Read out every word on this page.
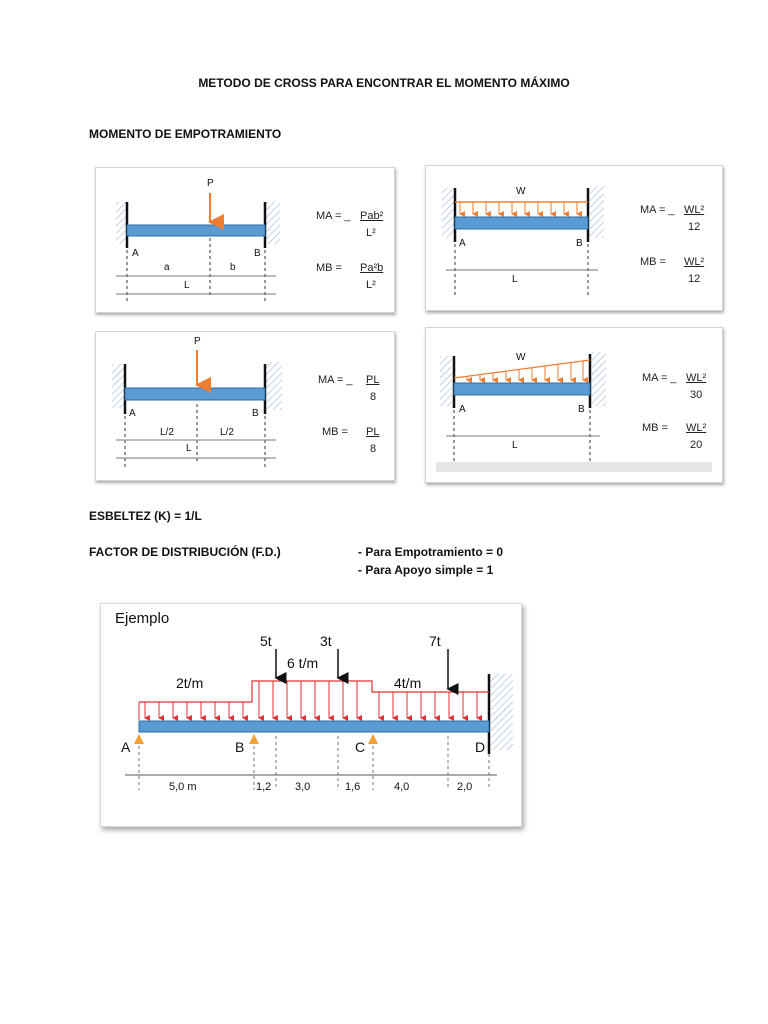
METODO DE CROSS PARA ENCONTRAR EL MOMENTO MÁXIMO
MOMENTO DE EMPOTRAMIENTO
P
A	B
a	b
L
MA = _ Pab²
L²
MB = Pa²b
L²
W
A	B
L
MA = _ WL²
12
MB = WL²
12
P
A	B
L/2	L/2
L
MA = _ PL
8
MB = PL
8
W
A	B
L
MA = _ WL²
30
MB = WL²
20
ESBELTEZ (K) = 1/L
FACTOR DE DISTRIBUCIÓN (F.D.)	- Para Empotramiento = 0
- Para Apoyo simple = 1
Ejemplo
5t	3t	7t
2t/m
6 t/m
4t/m
A	B	C	D
5,0 m	1,2 3,0	1,6	4,0	2,0
